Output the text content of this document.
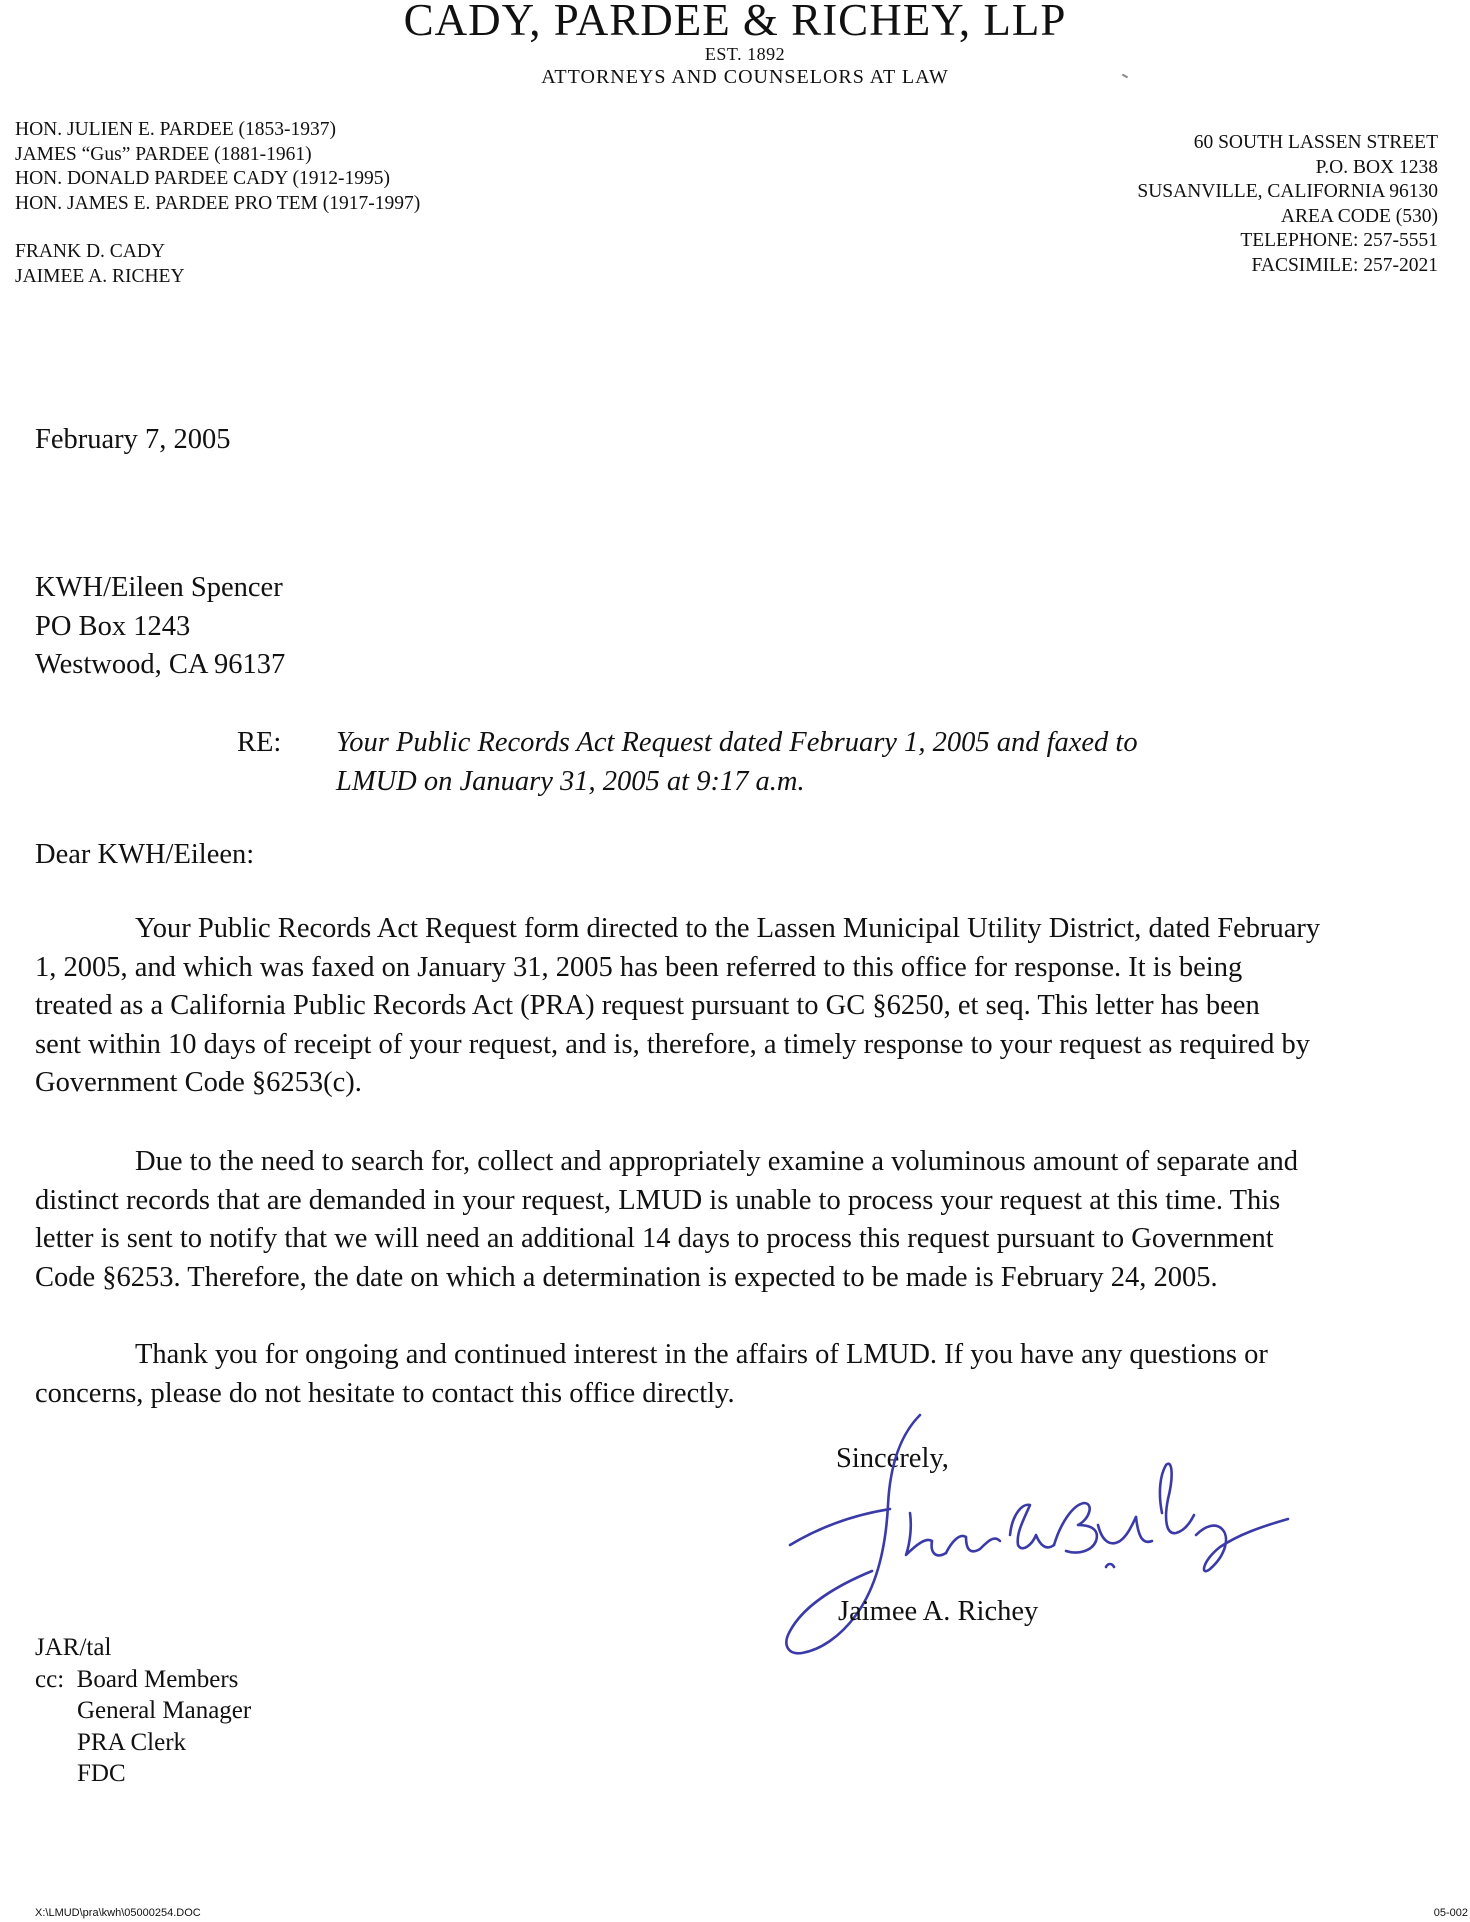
CADY, PARDEE & RICHEY, LLP
EST. 1892
ATTORNEYS AND COUNSELORS AT LAW
HON. JULIEN E. PARDEE (1853-1937)
JAMES “Gus” PARDEE (1881-1961)
HON. DONALD PARDEE CADY (1912-1995)
HON. JAMES E. PARDEE PRO TEM (1917-1997)
FRANK D. CADY
JAIMEE A. RICHEY
60 SOUTH LASSEN STREET
P.O. BOX 1238
SUSANVILLE, CALIFORNIA 96130
AREA CODE (530)
TELEPHONE: 257-5551
FACSIMILE: 257-2021
February 7, 2005
KWH/Eileen Spencer
PO Box 1243
Westwood, CA 96137
RE: Your Public Records Act Request dated February 1, 2005 and faxed to
LMUD on January 31, 2005 at 9:17 a.m.
Dear KWH/Eileen:
Your Public Records Act Request form directed to the Lassen Municipal Utility District, dated February
1, 2005, and which was faxed on January 31, 2005 has been referred to this office for response. It is being
treated as a California Public Records Act (PRA) request pursuant to GC §6250, et seq. This letter has been
sent within 10 days of receipt of your request, and is, therefore, a timely response to your request as required by
Government Code §6253(c).
Due to the need to search for, collect and appropriately examine a voluminous amount of separate and
distinct records that are demanded in your request, LMUD is unable to process your request at this time. This
letter is sent to notify that we will need an additional 14 days to process this request pursuant to Government
Code §6253. Therefore, the date on which a determination is expected to be made is February 24, 2005.
Thank you for ongoing and continued interest in the affairs of LMUD. If you have any questions or
concerns, please do not hesitate to contact this office directly.
Sincerely,
Jaimee A. Richey
JAR/tal
cc: Board Members
General Manager
PRA Clerk
FDC
X:\LMUD\pra\kwh\05000254.DOC	05-002
